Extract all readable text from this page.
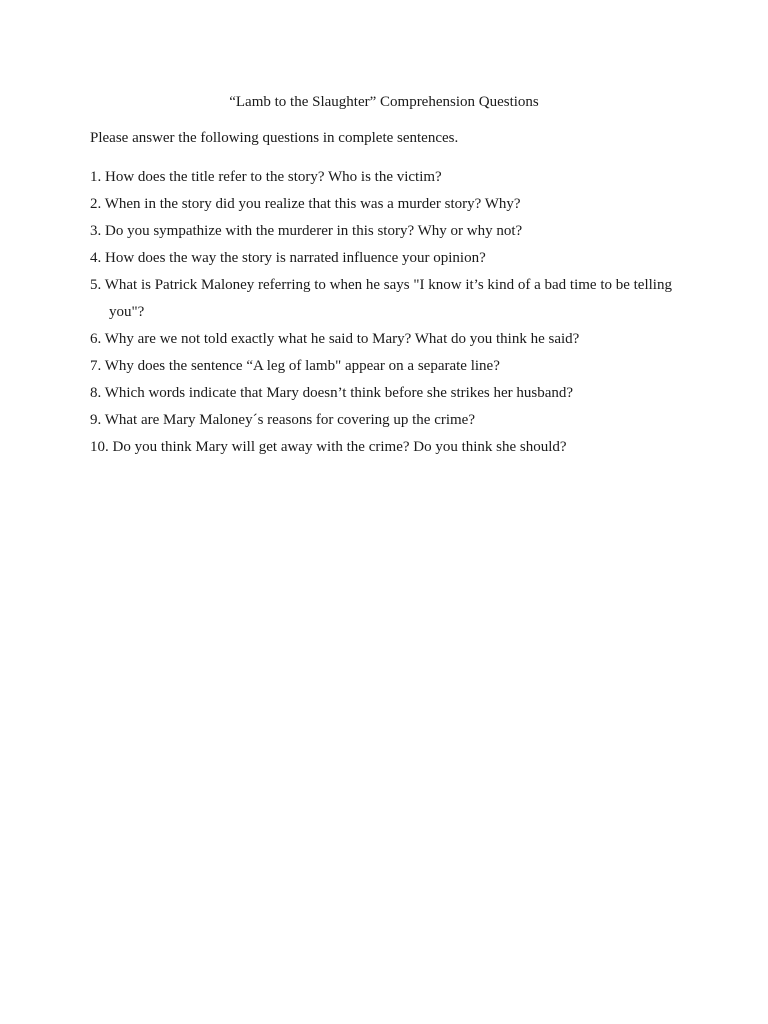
“Lamb to the Slaughter” Comprehension Questions
Please answer the following questions in complete sentences.
1. How does the title refer to the story? Who is the victim?
2. When in the story did you realize that this was a murder story? Why?
3. Do you sympathize with the murderer in this story? Why or why not?
4. How does the way the story is narrated influence your opinion?
5. What is Patrick Maloney referring to when he says "I know it’s kind of a bad time to be telling
you"?
6. Why are we not told exactly what he said to Mary? What do you think he said?
7. Why does the sentence “A leg of lamb" appear on a separate line?
8. Which words indicate that Mary doesn’t think before she strikes her husband?
9. What are Mary Maloney´s reasons for covering up the crime?
10. Do you think Mary will get away with the crime? Do you think she should?
